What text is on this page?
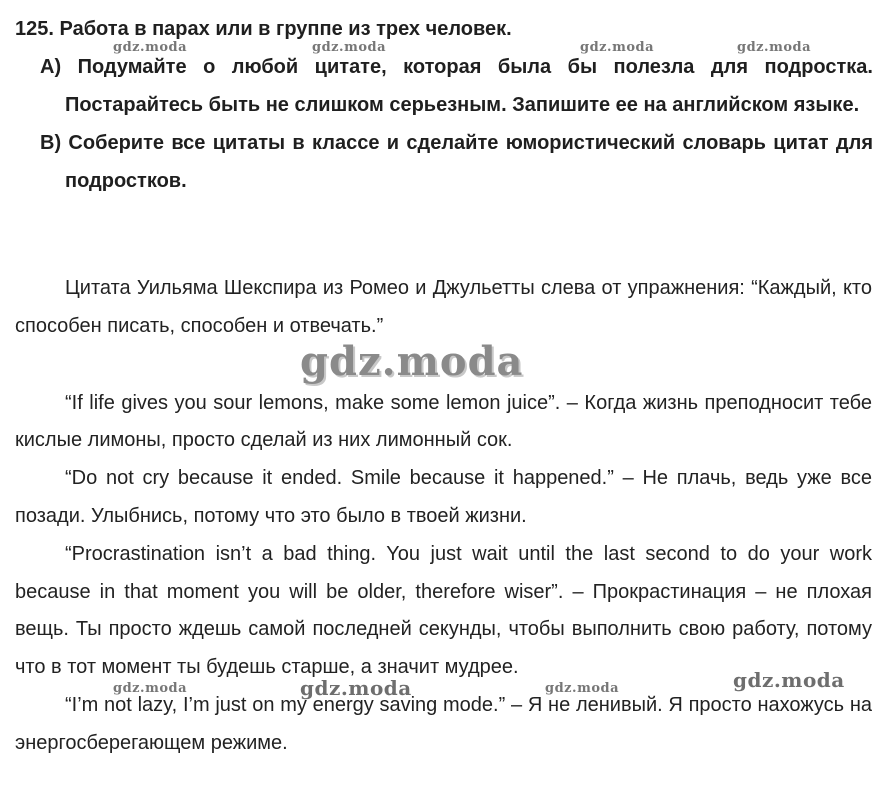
125. Работа в парах или в группе из трех человек.
А) Подумайте о любой цитате, которая была бы полезла для подростка. Постарайтесь быть не слишком серьезным. Запишите ее на английском языке.
В) Соберите все цитаты в классе и сделайте юмористический словарь цитат для подростков.

Цитата Уильяма Шекспира из Ромео и Джульетты слева от упражнения: “Каждый, кто способен писать, способен и отвечать.”

“If life gives you sour lemons, make some lemon juice”. – Когда жизнь преподносит тебе кислые лимоны, просто сделай из них лимонный сок.

“Do not cry because it ended. Smile because it happened.” – Не плачь, ведь уже все позади. Улыбнись, потому что это было в твоей жизни.

“Procrastination isn’t a bad thing. You just wait until the last second to do your work because in that moment you will be older, therefore wiser”. – Прокрастинация – не плохая вещь. Ты просто ждешь самой последней секунды, чтобы выполнить свою работу, потому что в тот момент ты будешь старше, а значит мудрее.

“I’m not lazy, I’m just on my energy saving mode.” – Я не ленивый. Я просто нахожусь на энергосберегающем режиме.

gdz.moda	gdz.moda	gdz.moda	gdz.moda
gdz.moda
gdz.moda	gdz.moda	gdz.moda	gdz.moda
